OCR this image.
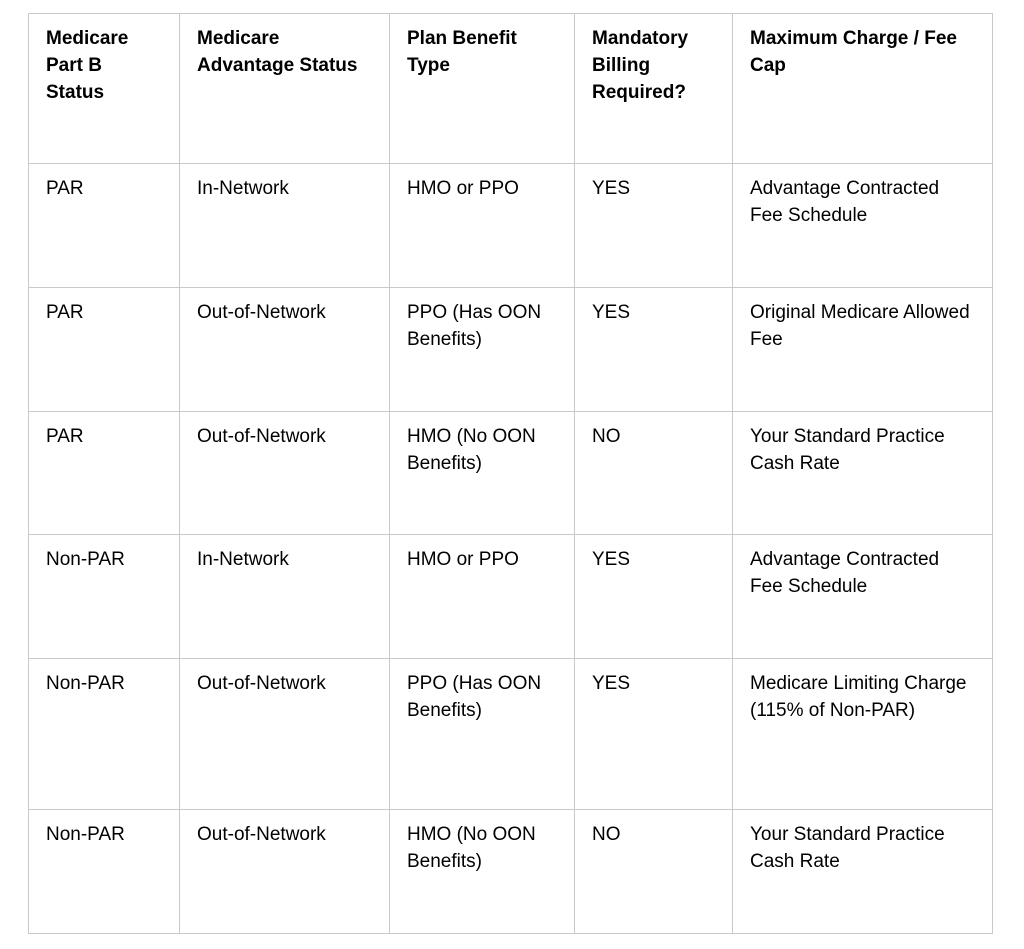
Medicare Part B Status	Medicare Advantage Status	Plan Benefit Type	Mandatory Billing Required?	Maximum Charge / Fee Cap
PAR	In-Network	HMO or PPO	YES	Advantage Contracted Fee Schedule
PAR	Out-of-Network	PPO (Has OON Benefits)	YES	Original Medicare Allowed Fee
PAR	Out-of-Network	HMO (No OON Benefits)	NO	Your Standard Practice Cash Rate
Non-PAR	In-Network	HMO or PPO	YES	Advantage Contracted Fee Schedule
Non-PAR	Out-of-Network	PPO (Has OON Benefits)	YES	Medicare Limiting Charge (115% of Non-PAR)
Non-PAR	Out-of-Network	HMO (No OON Benefits)	NO	Your Standard Practice Cash Rate
